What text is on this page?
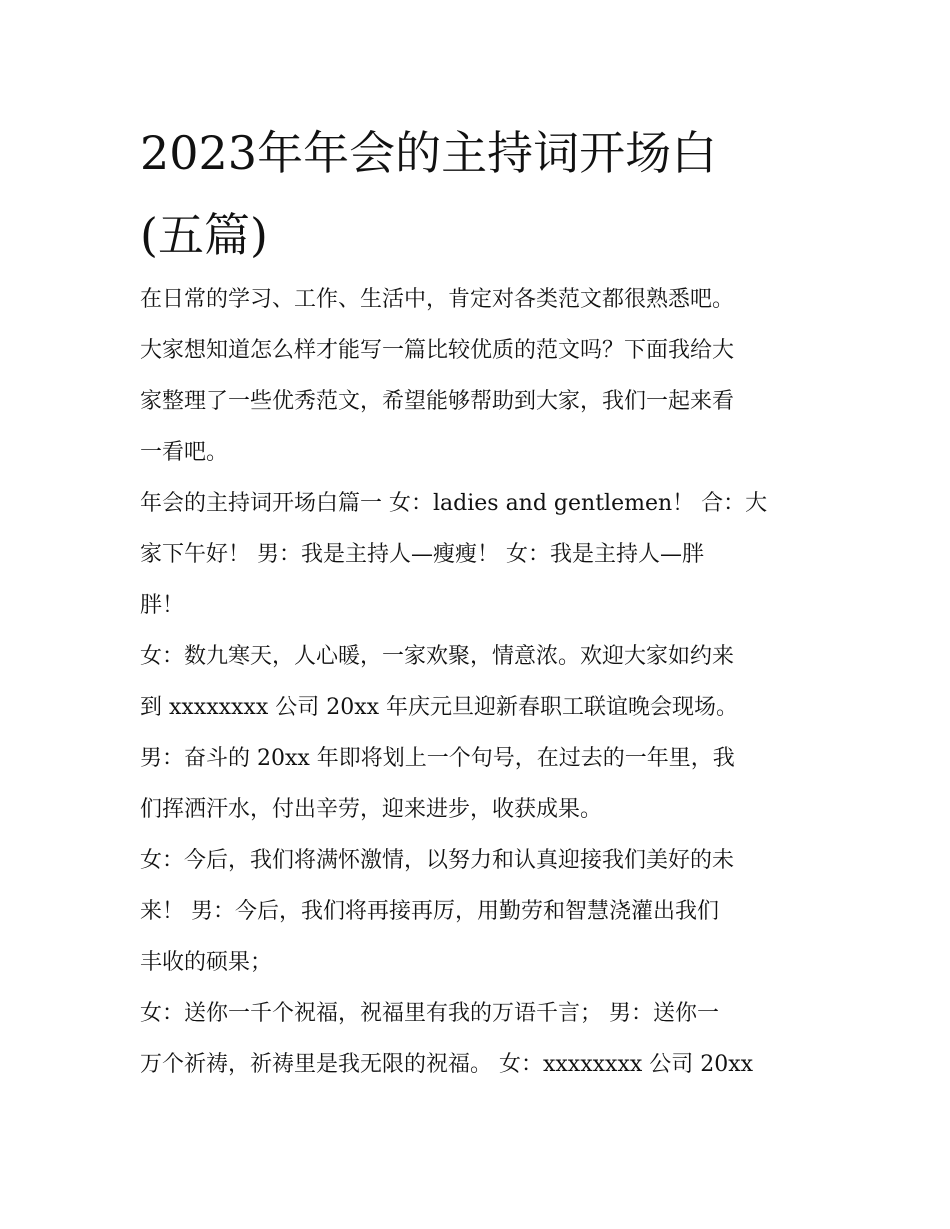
2023年年会的主持词开场白
(五篇)
在日常的学习、工作、生活中，肯定对各类范文都很熟悉吧。
大家想知道怎么样才能写一篇比较优质的范文吗？下面我给大
家整理了一些优秀范文，希望能够帮助到大家，我们一起来看
一看吧。
年会的主持词开场白篇一 女：ladies and gentlemen！ 合：大
家下午好！ 男：我是主持人—瘦瘦！ 女：我是主持人—胖
胖！
女：数九寒天，人心暖，一家欢聚，情意浓。欢迎大家如约来
到 xxxxxxxx 公司 20xx 年庆元旦迎新春职工联谊晚会现场。
男：奋斗的 20xx 年即将划上一个句号，在过去的一年里，我
们挥洒汗水，付出辛劳，迎来进步，收获成果。
女：今后，我们将满怀激情，以努力和认真迎接我们美好的未
来！ 男：今后，我们将再接再厉，用勤劳和智慧浇灌出我们
丰收的硕果；
女：送你一千个祝福，祝福里有我的万语千言； 男：送你一
万个祈祷，祈祷里是我无限的祝福。 女：xxxxxxxx 公司 20xx
